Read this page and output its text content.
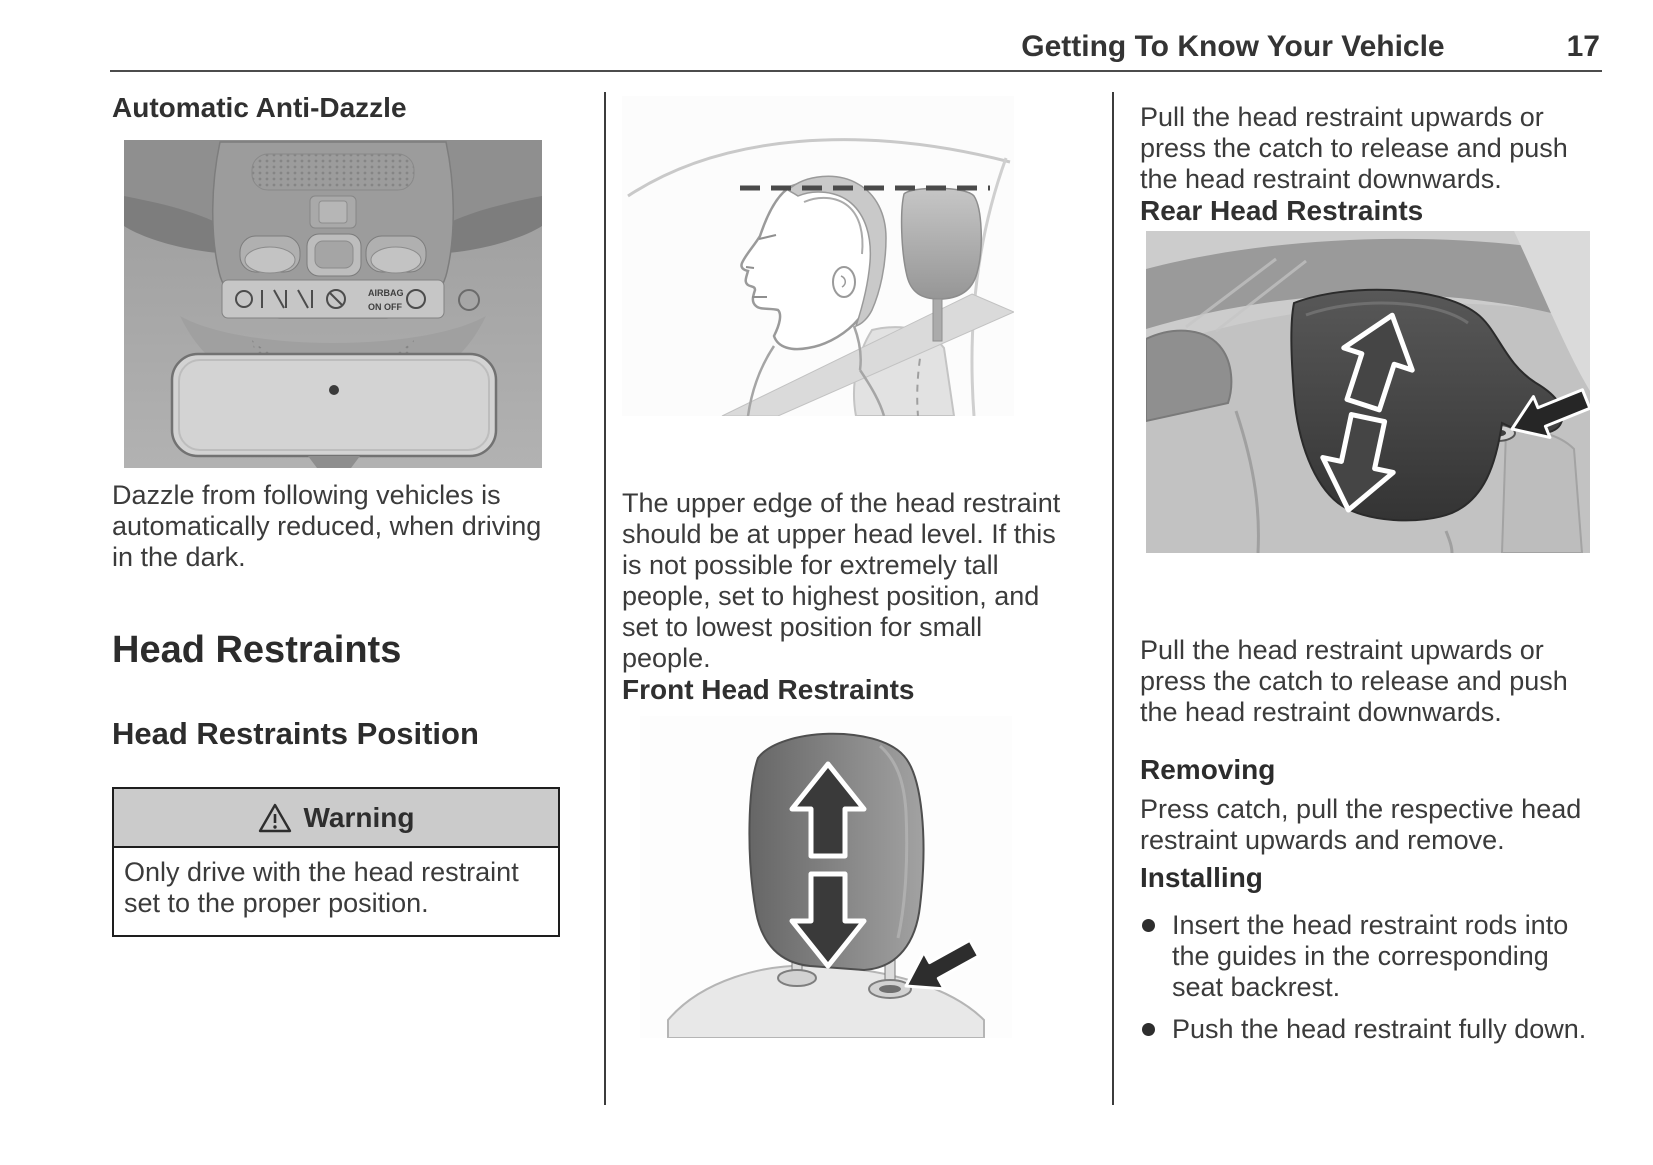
Getting To Know Your Vehicle	17
Automatic Anti-Dazzle
AIRBAG
ON OFF

Dazzle from following vehicles is automatically reduced, when driving in the dark.

Head Restraints
Head Restraints Position
Warning

Only drive with the head restraint set to the proper position.

The upper edge of the head restraint should be at upper head level. If this is not possible for extremely tall people, set to highest position, and set to lowest position for small people.

Front Head Restraints

Pull the head restraint upwards or press the catch to release and push the head restraint downwards.

Rear Head Restraints

Pull the head restraint upwards or press the catch to release and push the head restraint downwards.

Removing

Press catch, pull the respective head restraint upwards and remove.

Installing
Insert the head restraint rods into the guides in the corresponding seat backrest.
Push the head restraint fully down.
